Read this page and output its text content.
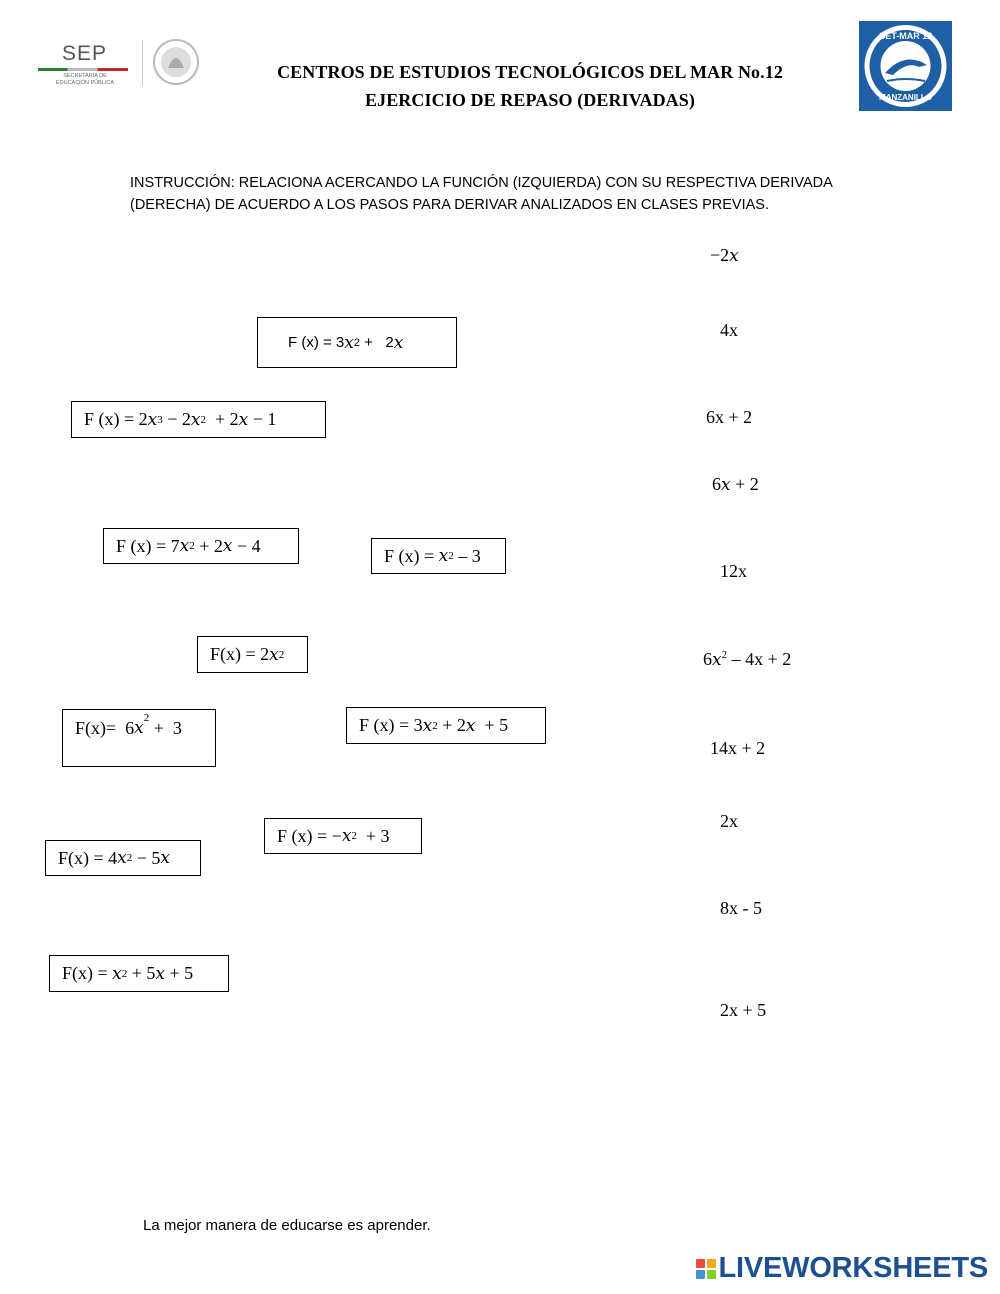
SEP
SECRETARÍA DE
EDUCACIÓN PÚBLICA
CENTROS DE ESTUDIOS TECNOLÓGICOS DEL MAR No.12
EJERCICIO DE REPASO (DERIVADAS)
CET-MAR 12
MANZANILLO
INSTRUCCIÓN: RELACIONA ACERCANDO LA FUNCIÓN (IZQUIERDA) CON SU RESPECTIVA DERIVADA
(DERECHA) DE ACUERDO A LOS PASOS PARA DERIVAR ANALIZADOS EN CLASES PREVIAS.
F (x) =
3 x 2 +   2 x
F (x) =
2 x 3 − 2 x 2 + 2 x − 1
F (x) =
7 x 2 + 2 x − 4	F (x) =
x 2 – 3
F(x) =
2 x 2
F(x)= 6 x 2 +  3	F (x) =
3 x 2 + 2 x + 5
F (x) =
− x 2 + 3
F(x) =
4 x 2 − 5 x
F(x) =
x 2 + 5 x + 5
−2x
4x
6x + 2
6x + 2
12x
$6x^2 - 4x + 2$
14x + 2
2x
8x - 5
2x + 5
La mejor manera de educarse es aprender.
LIVEWORKSHEETS
